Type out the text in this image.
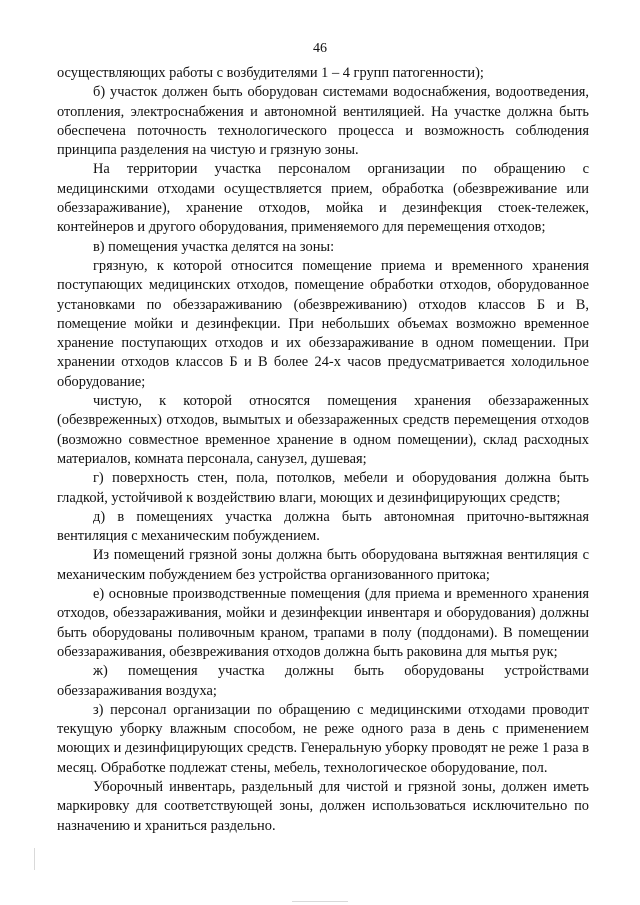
46

осуществляющих работы с возбудителями 1 – 4 групп патогенности);

б) участок должен быть оборудован системами водоснабжения, водоотведения, отопления, электроснабжения и автономной вентиляцией. На участке должна быть обеспечена поточность технологического процесса и возможность соблюдения принципа разделения на чистую и грязную зоны.

На территории участка персоналом организации по обращению с медицинскими отходами осуществляется прием, обработка (обезвреживание или обеззараживание), хранение отходов, мойка и дезинфекция стоек-тележек, контейнеров и другого оборудования, применяемого для перемещения отходов;

в) помещения участка делятся на зоны:

грязную, к которой относится помещение приема и временного хранения поступающих медицинских отходов, помещение обработки отходов, оборудованное установками по обеззараживанию (обезвреживанию) отходов классов Б и В, помещение мойки и дезинфекции. При небольших объемах возможно временное хранение поступающих отходов и их обеззараживание в одном помещении. При хранении отходов классов Б и В более 24-х часов предусматривается холодильное оборудование;

чистую, к которой относятся помещения хранения обеззараженных (обезвреженных) отходов, вымытых и обеззараженных средств перемещения отходов (возможно совместное временное хранение в одном помещении), склад расходных материалов, комната персонала, санузел, душевая;

г) поверхность стен, пола, потолков, мебели и оборудования должна быть гладкой, устойчивой к воздействию влаги, моющих и дезинфицирующих средств;

д) в помещениях участка должна быть автономная приточно-вытяжная вентиляция с механическим побуждением.

Из помещений грязной зоны должна быть оборудована вытяжная вентиляция с механическим побуждением без устройства организованного притока;

е) основные производственные помещения (для приема и временного хранения отходов, обеззараживания, мойки и дезинфекции инвентаря и оборудования) должны быть оборудованы поливочным краном, трапами в полу (поддонами). В помещении обеззараживания, обезвреживания отходов должна быть раковина для мытья рук;

ж) помещения участка должны быть оборудованы устройствами обеззараживания воздуха;

з) персонал организации по обращению с медицинскими отходами проводит текущую уборку влажным способом, не реже одного раза в день с применением моющих и дезинфицирующих средств. Генеральную уборку проводят не реже 1 раза в месяц. Обработке подлежат стены, мебель, технологическое оборудование, пол.

Уборочный инвентарь, раздельный для чистой и грязной зоны, должен иметь маркировку для соответствующей зоны, должен использоваться исключительно по назначению и храниться раздельно.
